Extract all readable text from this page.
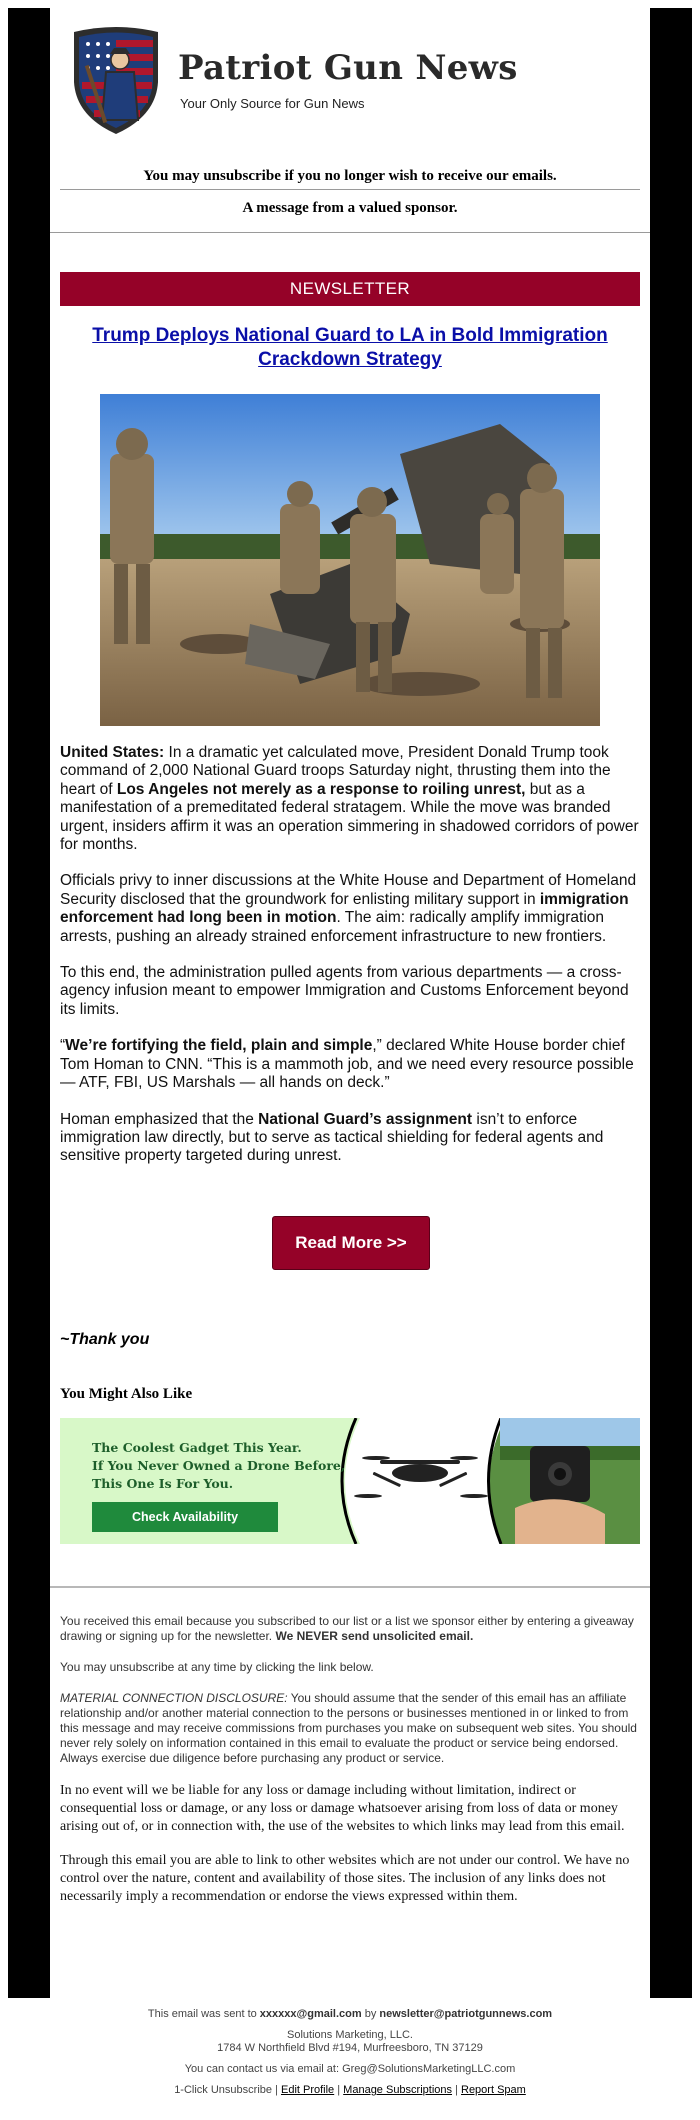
Patriot Gun News
Your Only Source for Gun News
You may unsubscribe if you no longer wish to receive our emails.
A message from a valued sponsor.
NEWSLETTER
Trump Deploys National Guard to LA in Bold Immigration Crackdown Strategy

United States: In a dramatic yet calculated move, President Donald Trump took command of 2,000 National Guard troops Saturday night, thrusting them into the heart of Los Angeles not merely as a response to roiling unrest, but as a manifestation of a premeditated federal stratagem. While the move was branded urgent, insiders affirm it was an operation simmering in shadowed corridors of power for months.

Officials privy to inner discussions at the White House and Department of Homeland Security disclosed that the groundwork for enlisting military support in immigration enforcement had long been in motion. The aim: radically amplify immigration arrests, pushing an already strained enforcement infrastructure to new frontiers.

To this end, the administration pulled agents from various departments — a cross-agency infusion meant to empower Immigration and Customs Enforcement beyond its limits.

“We’re fortifying the field, plain and simple,” declared White House border chief Tom Homan to CNN. “This is a mammoth job, and we need every resource possible — ATF, FBI, US Marshals — all hands on deck.”

Homan emphasized that the National Guard’s assignment isn’t to enforce immigration law directly, but to serve as tactical shielding for federal agents and sensitive property targeted during unrest.

Read More >>
~Thank you
You Might Also Like
The Coolest Gadget This Year.
If You Never Owned a Drone Before,
This One Is For You.
Check Availability

You received this email because you subscribed to our list or a list we sponsor either by entering a giveaway drawing or signing up for the newsletter. We NEVER send unsolicited email.

You may unsubscribe at any time by clicking the link below.

MATERIAL CONNECTION DISCLOSURE: You should assume that the sender of this email has an affiliate relationship and/or another material connection to the persons or businesses mentioned in or linked to from this message and may receive commissions from purchases you make on subsequent web sites. You should never rely solely on information contained in this email to evaluate the product or service being endorsed. Always exercise due diligence before purchasing any product or service.

In no event will we be liable for any loss or damage including without limitation, indirect or consequential loss or damage, or any loss or damage whatsoever arising from loss of data or money arising out of, or in connection with, the use of the websites to which links may lead from this email.

Through this email you are able to link to other websites which are not under our control. We have no control over the nature, content and availability of those sites. The inclusion of any links does not necessarily imply a recommendation or endorse the views expressed within them.

This email was sent to xxxxxx@gmail.com by newsletter@patriotgunnews.com
Solutions Marketing, LLC.
1784 W Northfield Blvd #194, Murfreesboro, TN 37129
You can contact us via email at: Greg@SolutionsMarketingLLC.com
1-Click Unsubscribe | Edit Profile | Manage Subscriptions | Report Spam
